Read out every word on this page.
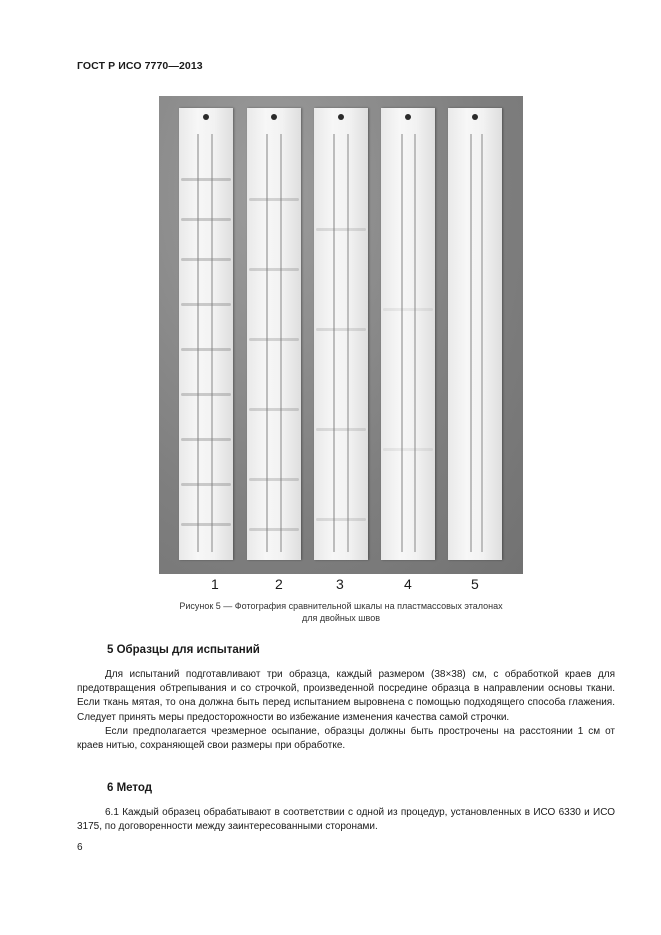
ГОСТ Р ИСО 7770—2013
1	2	3	4	5
Рисунок 5 — Фотография сравнительной шкалы на пластмассовых эталонах
для двойных швов
5 Образцы для испытаний

Для испытаний подготавливают три образца, каждый размером (38×38) см, с обработкой краев для предотвращения обтрепывания и со строчкой, произведенной посредине образца в направлении основы ткани. Если ткань мятая, то она должна быть перед испытанием выровнена с помощью подходящего способа глажения. Следует принять меры предосторожности во избежание изменения качества самой строчки.

Если предполагается чрезмерное осыпание, образцы должны быть прострочены на расстоянии 1 см от краев нитью, сохраняющей свои размеры при обработке.

6 Метод

6.1 Каждый образец обрабатывают в соответствии с одной из процедур, установленных в ИСО 6330 и ИСО 3175, по договоренности между заинтересованными сторонами.

6
